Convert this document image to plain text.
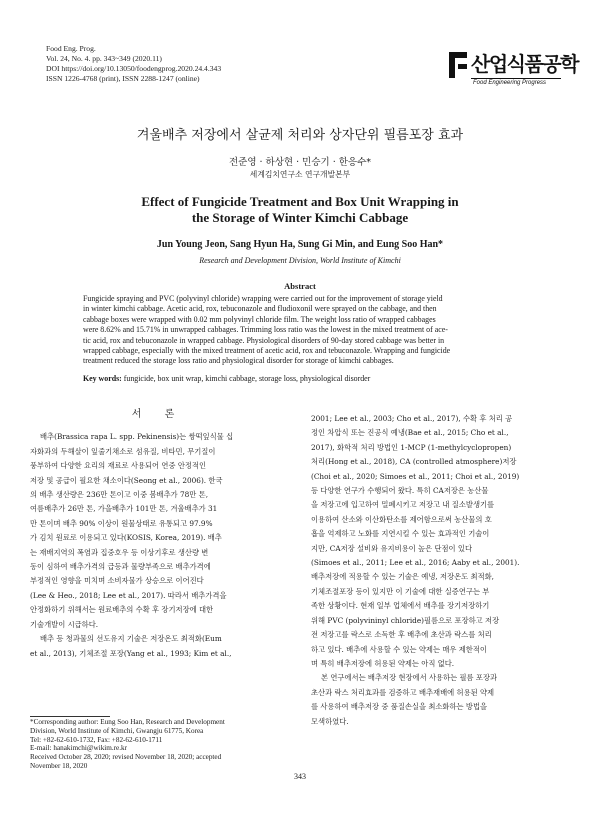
Food Eng. Prog.
Vol. 24, No. 4. pp. 343~349 (2020.11)
DOI https://doi.org/10.13050/foodengprog.2020.24.4.343
ISSN 1226-4768 (print), ISSN 2288-1247 (online)
산업식품공학
Food Engineering Progress
겨울배추 저장에서 살균제 처리와 상자단위 필름포장 효과
전준영 · 하상현 · 민승기 · 한응수*
세계김치연구소 연구개발본부
Effect of Fungicide Treatment and Box Unit Wrapping in
the Storage of Winter Kimchi Cabbage
Jun Young Jeon, Sang Hyun Ha, Sung Gi Min, and Eung Soo Han*
Research and Development Division, World Institute of Kimchi
Abstract
Fungicide spraying and PVC (polyvinyl chloride) wrapping were carried out for the improvement of storage yield
in winter kimchi cabbage. Acetic acid, rox, tebuconazole and fludioxonil were sprayed on the cabbage, and then
cabbage boxes were wrapped with 0.02 mm polyvinyl chloride film. The weight loss ratio of wrapped cabbages
were 8.62% and 15.71% in unwrapped cabbages. Trimming loss ratio was the lowest in the mixed treatment of ace-
tic acid, rox and tebuconazole in wrapped cabbage. Physiological disorders of 90-day stored cabbage was better in
wrapped cabbage, especially with the mixed treatment of acetic acid, rox and tebuconazole. Wrapping and fungicide
treatment reduced the storage loss ratio and physiological disorder for storage of kimchi cabbages.
Key words: fungicide, box unit wrap, kimchi cabbage, storage loss, physiological disorder
서 론
배추(Brassica rapa L. spp. Pekinensis)는 쌍떡잎식물 십
자화과의 두해살이 잎줄기채소로 섬유질, 비타민, 무기질이
풍부하여 다양한 요리의 재료로 사용되어 연중 안정적인
저장 및 공급이 필요한 채소이다(Seong et al., 2006). 한국
의 배추 생산량은 236만 톤이고 이중 봄배추가 78만 톤,
여름배추가 26만 톤, 가을배추가 101만 톤, 겨울배추가 31
만 톤이며 배추 90% 이상이 원물상태로 유통되고 97.9%
가 김치 원료로 이용되고 있다(KOSIS, Korea, 2019). 배추
는 재배지역의 폭염과 집중호우 등 이상기후로 생산량 변
동이 심하여 배추가격의 급등과 물량부족으로 배추가격에
부정적인 영향을 미치며 소비자물가 상승으로 이어진다
(Lee & Heo., 2018; Lee et al., 2017). 따라서 배추가격을
안정화하기 위해서는 원료배추의 수확 후 장기저장에 대한
기술개발이 시급하다.
배추 등 청과물의 선도유지 기술은 저장온도 최적화(Eum
et al., 2013), 기체조절 포장(Yang et al., 1993; Kim et al.,
2001; Lee et al., 2003; Cho et al., 2017), 수확 후 처리 공
정인 차압식 또는 진공식 예냉(Bae et al., 2015; Cho et al.,
2017), 화학적 처리 방법인 1-MCP (1-methylcyclopropen)
처리(Hong et al., 2018), CA (controlled atmosphere)저장
(Choi et al., 2020; Simoes et al., 2011; Choi et al., 2019)
등 다양한 연구가 수행되어 왔다. 특히 CA저장은 농산물
을 저장고에 입고하여 밀폐시키고 저장고 내 질소발생기를
이용하여 산소와 이산화탄소를 제어함으로써 농산물의 호
흡을 억제하고 노화를 지연시킬 수 있는 효과적인 기술이
지만, CA저장 설비와 유지비용이 높은 단점이 있다
(Simoes et al., 2011; Lee et al., 2016; Aaby et al., 2001).
배추저장에 적용할 수 있는 기술은 예냉, 저장온도 최적화,
기체조절포장 등이 있지만 이 기술에 대한 실증연구는 부
족한 상황이다. 현재 일부 업체에서 배추를 장기저장하기
위해 PVC (polyvininyl chloride)필름으로 포장하고 저장
전 저장고를 락스로 소독한 후 배추에 초산과 락스를 처리
하고 있다. 배추에 사용할 수 있는 약제는 매우 제한적이
며 특히 배추저장에 허용된 약제는 아직 없다.
본 연구에서는 배추저장 현장에서 사용하는 필름 포장과
초산과 락스 처리효과를 검증하고 배추재배에 허용된 약제
를 사용하여 배추저장 중 품질손실을 최소화하는 방법을
모색하였다.
*Corresponding author: Eung Soo Han, Research and Development
Division, World Institute of Kimchi, Gwangju 61775, Korea
Tel: +82-62-610-1732, Fax: +82-62-610-1711
E-mail: hanakimchi@wikim.re.kr
Received October 28, 2020; revised November 18, 2020; accepted
November 18, 2020
343
